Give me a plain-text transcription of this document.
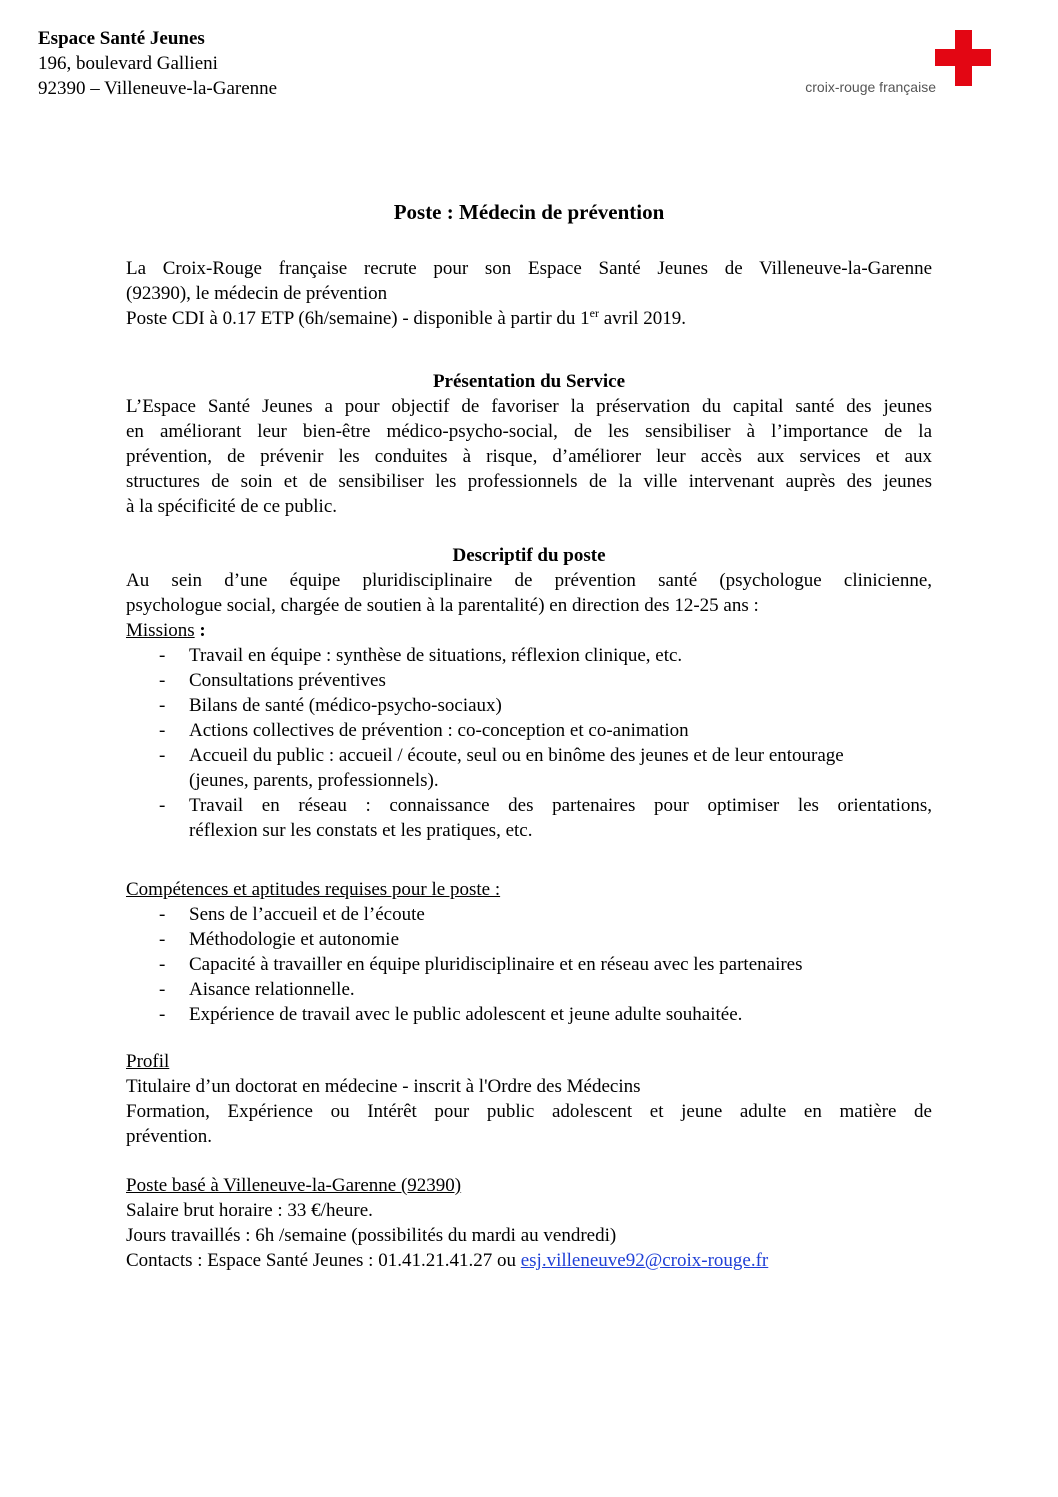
Espace Santé Jeunes
196, boulevard Gallieni
92390 – Villeneuve-la-Garenne	croix-rouge française
Poste : Médecin de prévention
La Croix-Rouge française recrute pour son Espace Santé Jeunes de Villeneuve-la-Garenne
(92390), le médecin de prévention
Poste CDI à 0.17 ETP (6h/semaine) - disponible à partir du 1er avril 2019.
Présentation du Service
L’Espace Santé Jeunes a pour objectif de favoriser la préservation du capital santé des jeunes
en améliorant leur bien-être médico-psycho-social, de les sensibiliser à l’importance de la
prévention, de prévenir les conduites à risque, d’améliorer leur accès aux services et aux
structures de soin et de sensibiliser les professionnels de la ville intervenant auprès des jeunes
à la spécificité de ce public.
Descriptif du poste
Au sein d’une équipe pluridisciplinaire de prévention santé (psychologue clinicienne,
psychologue social, chargée de soutien à la parentalité) en direction des 12-25 ans :
Missions :
- Travail en équipe : synthèse de situations, réflexion clinique, etc.
- Consultations préventives
- Bilans de santé (médico-psycho-sociaux)
- Actions collectives de prévention : co-conception et co-animation
- Accueil du public : accueil / écoute, seul ou en binôme des jeunes et de leur entourage
(jeunes, parents, professionnels).
- Travail en réseau : connaissance des partenaires pour optimiser les orientations,
réflexion sur les constats et les pratiques, etc.
Compétences et aptitudes requises pour le poste :
- Sens de l’accueil et de l’écoute
- Méthodologie et autonomie
- Capacité à travailler en équipe pluridisciplinaire et en réseau avec les partenaires
- Aisance relationnelle.
- Expérience de travail avec le public adolescent et jeune adulte souhaitée.
Profil
Titulaire d’un doctorat en médecine - inscrit à l'Ordre des Médecins
Formation, Expérience ou Intérêt pour public adolescent et jeune adulte en matière de
prévention.
Poste basé à Villeneuve-la-Garenne (92390)
Salaire brut horaire : 33 €/heure.
Jours travaillés : 6h /semaine (possibilités du mardi au vendredi)
Contacts : Espace Santé Jeunes : 01.41.21.41.27 ou esj.villeneuve92@croix-rouge.fr
